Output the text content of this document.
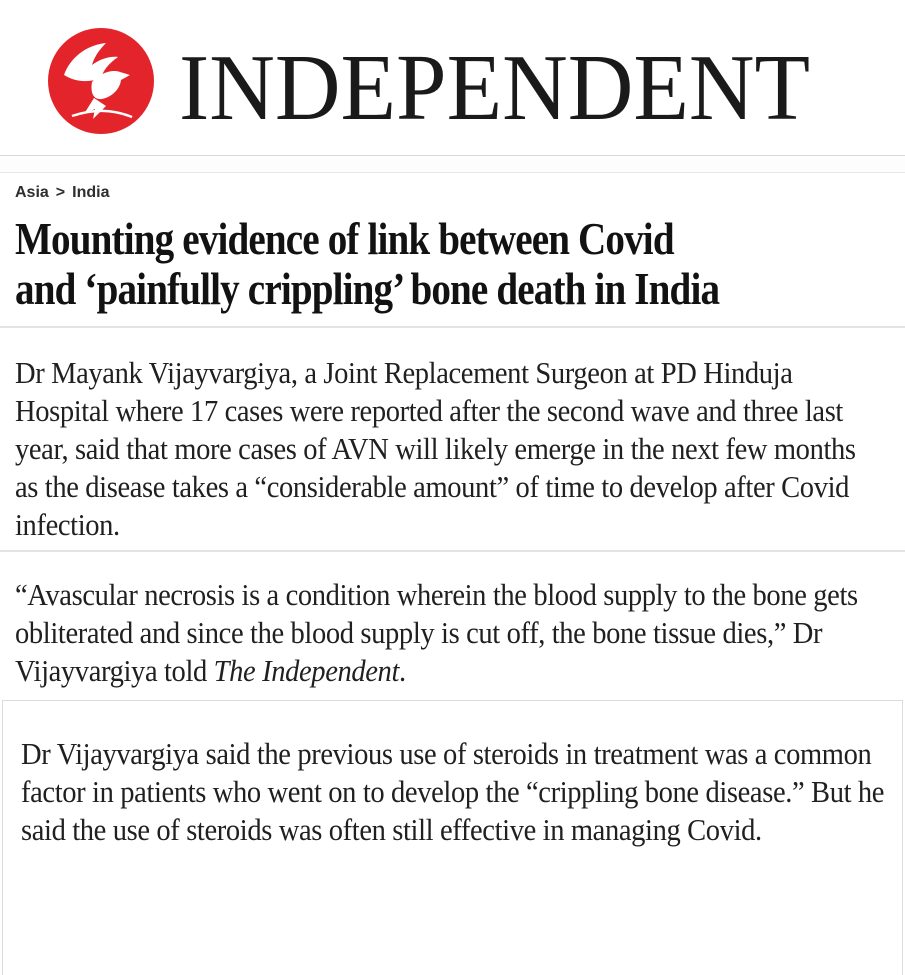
INDEPENDENT
Asia > India
Mounting evidence of link between Covid
and ‘painfully crippling’ bone death in India
Dr Mayank Vijayvargiya, a Joint Replacement Surgeon at PD Hinduja Hospital where 17 cases were reported after the second wave and three last year, said that more cases of AVN will likely emerge in the next few months as the disease takes a “considerable amount” of time to develop after Covid infection.
“Avascular necrosis is a condition wherein the blood supply to the bone gets obliterated and since the blood supply is cut off, the bone tissue dies,” Dr Vijayvargiya told The Independent.
Dr Vijayvargiya said the previous use of steroids in treatment was a common factor in patients who went on to develop the “crippling bone disease.” But he said the use of steroids was often still effective in managing Covid.
